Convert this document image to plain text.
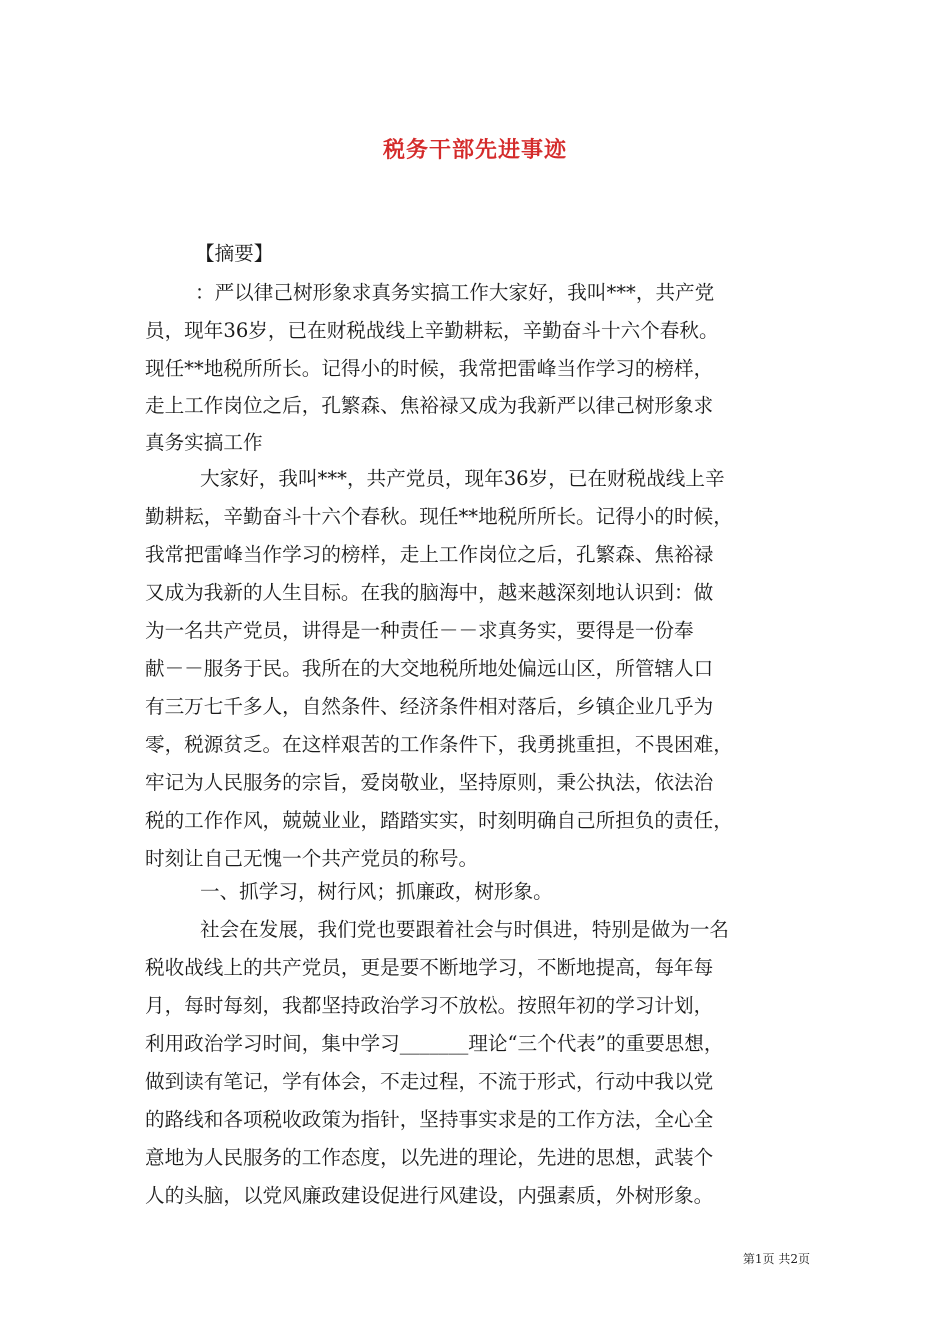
税务干部先进事迹
【摘要】
：严以律己树形象求真务实搞工作大家好，我叫***，共产党
员，现年36岁，已在财税战线上辛勤耕耘，辛勤奋斗十六个春秋。
现任**地税所所长。记得小的时候，我常把雷峰当作学习的榜样，
走上工作岗位之后，孔繁森、焦裕禄又成为我新严以律己树形象求
真务实搞工作
大家好，我叫***，共产党员，现年36岁，已在财税战线上辛
勤耕耘，辛勤奋斗十六个春秋。现任**地税所所长。记得小的时候，
我常把雷峰当作学习的榜样，走上工作岗位之后，孔繁森、焦裕禄
又成为我新的人生目标。在我的脑海中，越来越深刻地认识到：做
为一名共产党员，讲得是一种责任－－求真务实，要得是一份奉
献－－服务于民。我所在的大交地税所地处偏远山区，所管辖人口
有三万七千多人，自然条件、经济条件相对落后，乡镇企业几乎为
零，税源贫乏。在这样艰苦的工作条件下，我勇挑重担，不畏困难，
牢记为人民服务的宗旨，爱岗敬业，坚持原则，秉公执法，依法治
税的工作作风，兢兢业业，踏踏实实，时刻明确自己所担负的责任，
时刻让自己无愧一个共产党员的称号。
一、抓学习，树行风；抓廉政，树形象。
社会在发展，我们党也要跟着社会与时俱进，特别是做为一名
税收战线上的共产党员，更是要不断地学习，不断地提高，每年每
月，每时每刻，我都坚持政治学习不放松。按照年初的学习计划，
利用政治学习时间，集中学习_______理论“三个代表”的重要思想，
做到读有笔记，学有体会，不走过程，不流于形式，行动中我以党
的路线和各项税收政策为指针，坚持事实求是的工作方法，全心全
意地为人民服务的工作态度，以先进的理论，先进的思想，武装个
人的头脑，以党风廉政建设促进行风建设，内强素质，外树形象。
第1页 共2页
